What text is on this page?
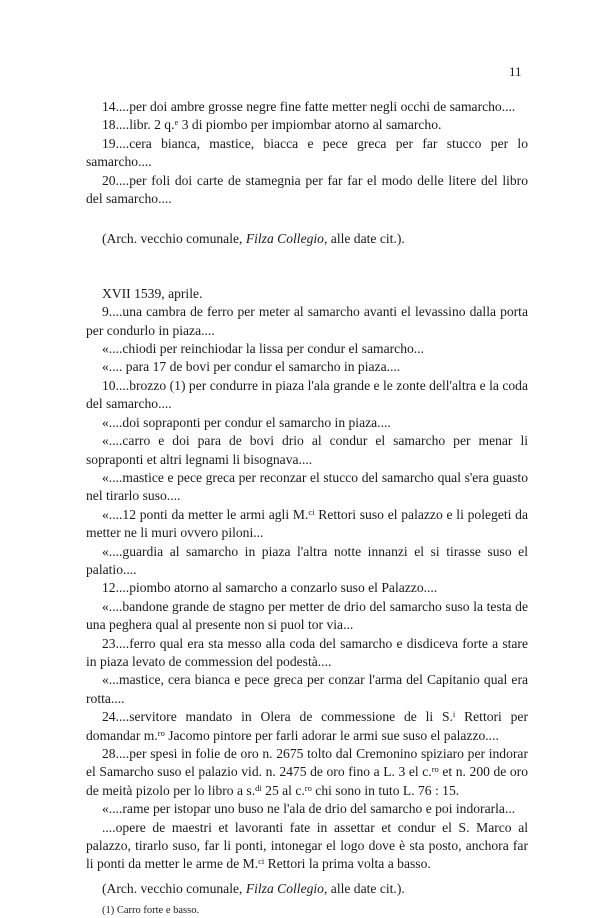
11

14....per doi ambre grosse negre fine fatte metter negli occhi de samarcho....

18....libr. 2 q.$^e$ 3 di piombo per impiombar atorno al samarcho.

19....cera bianca, mastice, biacca e pece greca per far stucco per lo samarcho....

20....per foli doi carte de stamegnia per far far el modo delle litere del libro del samarcho....

(Arch. vecchio comunale, Filza Collegio, alle date cit.).

XVII 1539, aprile.

9....una cambra de ferro per meter al samarcho avanti el levassino dalla porta per condurlo in piaza....

«....chiodi per reinchiodar la lissa per condur el samarcho...

«.... para 17 de bovi per condur el samarcho in piaza....

10....brozzo (1) per condurre in piaza l'ala grande e le zonte dell'altra e la coda del samarcho....

«....doi sopraponti per condur el samarcho in piaza....

«....carro e doi para de bovi drio al condur el samarcho per menar li sopraponti et altri legnami li bisognava....

«....mastice e pece greca per reconzar el stucco del samarcho qual s'era guasto nel tirarlo suso....

«....12 ponti da metter le armi agli M.$^{ci}$ Rettori suso el palazzo e li polegeti da metter ne li muri ovvero piloni...

«....guardia al samarcho in piaza l'altra notte innanzi el si tirasse suso el palatio....

12....piombo atorno al samarcho a conzarlo suso el Palazzo....

«....bandone grande de stagno per metter de drio del samarcho suso la testa de una peghera qual al presente non si puol tor via...

23....ferro qual era sta messo alla coda del samarcho e disdiceva forte a stare in piaza levato de commession del podestà....

«...mastice, cera bianca e pece greca per conzar l'arma del Capitanio qual era rotta....

24....servitore mandato in Olera de commessione de li S.$^i$ Rettori per domandar m.$^{ro}$ Jacomo pintore per farli adorar le armi sue suso el palazzo....

28....per spesi in folie de oro n. 2675 tolto dal Cremonino spiziaro per indorar el Samarcho suso el palazio vid. n. 2475 de oro fino a L. 3 el c.$^{ro}$ et n. 200 de oro de meità pizolo per lo libro a s.$^{di}$ 25 al c.$^{ro}$ chi sono in tuto L. 76 : 15.

«....rame per istopar uno buso ne l'ala de drio del samarcho e poi indorarla...

....opere de maestri et lavoranti fate in assettar et condur el S. Marco al palazzo, tirarlo suso, far li ponti, intonegar el logo dove è sta posto, anchora far li ponti da metter le arme de M.$^{ci}$ Rettori la prima volta a basso.

(Arch. vecchio comunale, Filza Collegio, alle date cit.).

(1) Carro forte e basso.
